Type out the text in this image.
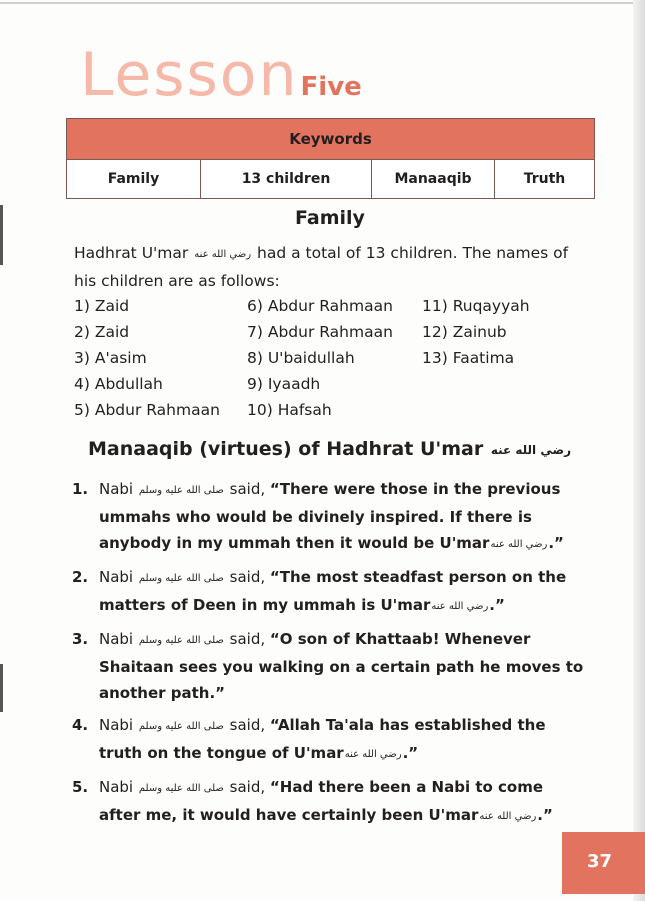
LessonFive
Keywords
Family	13 children	Manaaqib	Truth
Family

Hadhrat U'mar رضي الله عنه had a total of 13 children. The names of his children are as follows:

1) Zaid
2) Zaid
3) A'asim
4) Abdullah
5) Abdur Rahmaan
6) Abdur Rahmaan
7) Abdur Rahmaan
8) U'baidullah
9) Iyaadh
10) Hafsah
11) Ruqayyah
12) Zainub
13) Faatima
Manaaqib (virtues) of Hadhrat U'mar رضي الله عنه
1. Nabi صلى الله عليه وسلم said, “There were those in the previous ummahs who would be divinely inspired. If there is anybody in my ummah then it would be U'marرضي الله عنه.”
2. Nabi صلى الله عليه وسلم said, “The most steadfast person on the matters of Deen in my ummah is U'marرضي الله عنه.”
3. Nabi صلى الله عليه وسلم said, “O son of Khattaab! Whenever Shaitaan sees you walking on a certain path he moves to another path.”
4. Nabi صلى الله عليه وسلم said, “Allah Ta'ala has established the truth on the tongue of U'marرضي الله عنه.”
5. Nabi صلى الله عليه وسلم said, “Had there been a Nabi to come after me, it would have certainly been U'marرضي الله عنه.”
37
